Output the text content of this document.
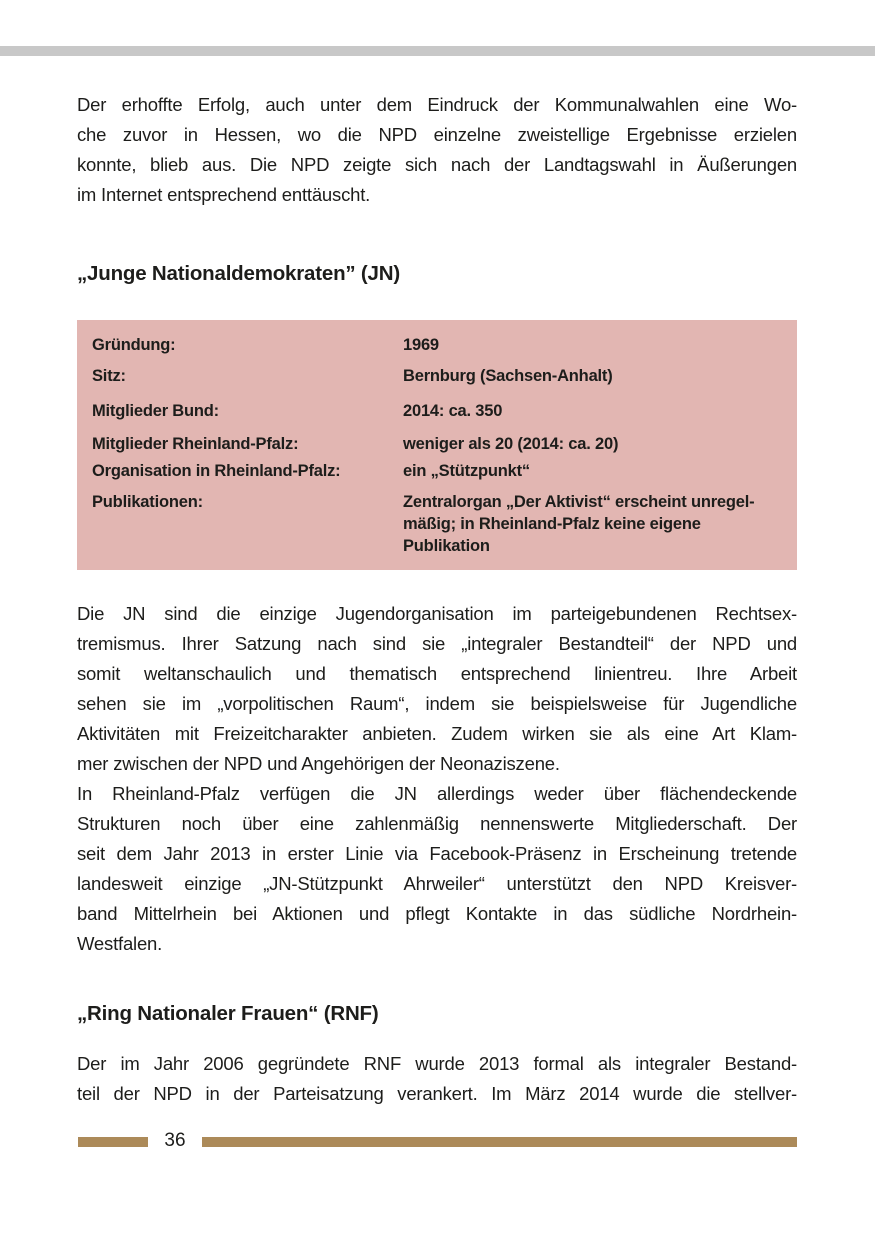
Der erhoffte Erfolg, auch unter dem Eindruck der Kommunalwahlen eine Wo-
che zuvor in Hessen, wo die NPD einzelne zweistellige Ergebnisse erzielen
konnte, blieb aus. Die NPD zeigte sich nach der Landtagswahl in Äußerungen
im Internet entsprechend enttäuscht.
„Junge Nationaldemokraten” (JN)
Gründung:	1969
Sitz:	Bernburg (Sachsen-Anhalt)
Mitglieder Bund:	2014: ca. 350
Mitglieder Rheinland-Pfalz:	weniger als 20 (2014: ca. 20)
Organisation in Rheinland-Pfalz:	ein „Stützpunkt“
Publikationen:	Zentralorgan „Der Aktivist“ erscheint unregel-
mäßig; in Rheinland-Pfalz keine eigene
Publikation
Die JN sind die einzige Jugendorganisation im parteigebundenen Rechtsex-
tremismus. Ihrer Satzung nach sind sie „integraler Bestandteil“ der NPD und
somit weltanschaulich und thematisch entsprechend linientreu. Ihre Arbeit
sehen sie im „vorpolitischen Raum“, indem sie beispielsweise für Jugendliche
Aktivitäten mit Freizeitcharakter anbieten. Zudem wirken sie als eine Art Klam-
mer zwischen der NPD und Angehörigen der Neonaziszene.
In Rheinland-Pfalz verfügen die JN allerdings weder über flächendeckende
Strukturen noch über eine zahlenmäßig nennenswerte Mitgliederschaft. Der
seit dem Jahr 2013 in erster Linie via Facebook-Präsenz in Erscheinung tretende
landesweit einzige „JN-Stützpunkt Ahrweiler“ unterstützt den NPD Kreisver-
band Mittelrhein bei Aktionen und pflegt Kontakte in das südliche Nordrhein-
Westfalen.
„Ring Nationaler Frauen“ (RNF)
Der im Jahr 2006 gegründete RNF wurde 2013 formal als integraler Bestand-
teil der NPD in der Parteisatzung verankert. Im März 2014 wurde die stellver-
36
